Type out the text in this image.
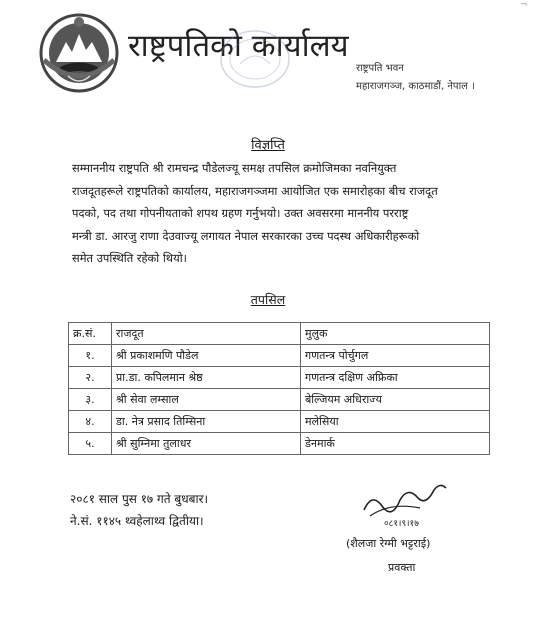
¬
राष्ट्रपतिको कार्यालय
राष्ट्रपति भवन
महाराजगञ्ज, काठमाडौं, नेपाल ।
विज्ञप्ति
सम्माननीय राष्ट्रपति श्री रामचन्द्र पौडेलज्यू समक्ष तपसिल क्रमोजिमका नवनियुक्त
राजदूतहरूले राष्ट्रपतिको कार्यालय, महाराजगञ्जमा आयोजित एक समारोहका बीच राजदूत
पदको, पद तथा गोपनीयताको शपथ ग्रहण गर्नुभयो। उक्त अवसरमा माननीय परराष्ट्र
मन्त्री डा. आरजु राणा देउवाज्यू लगायत नेपाल सरकारका उच्च पदस्थ अधिकारीहरूको
समेत उपस्थिति रहेको थियो।
तपसिल
क्र.सं.	राजदूत	मुलुक
१.	श्री प्रकाशमणि पौडेल	गणतन्त्र पोर्चुगल
२.	प्रा.डा. कपिलमान श्रेष्ठ	गणतन्त्र दक्षिण अफ्रिका
३.	श्री सेवा लम्साल	बेल्जियम अधिराज्य
४.	डा. नेत्र प्रसाद तिम्सिना	मलेसिया
५.	श्री सुम्निमा तुलाधर	डेनमार्क
२०८१ साल पुस १७ गते बुधबार।
ने.सं. ११४५ थ्वहेलाथ्व द्वितीया।	०८१।९।१७
(शैलजा रेग्मी भट्टराई)
प्रवक्ता
